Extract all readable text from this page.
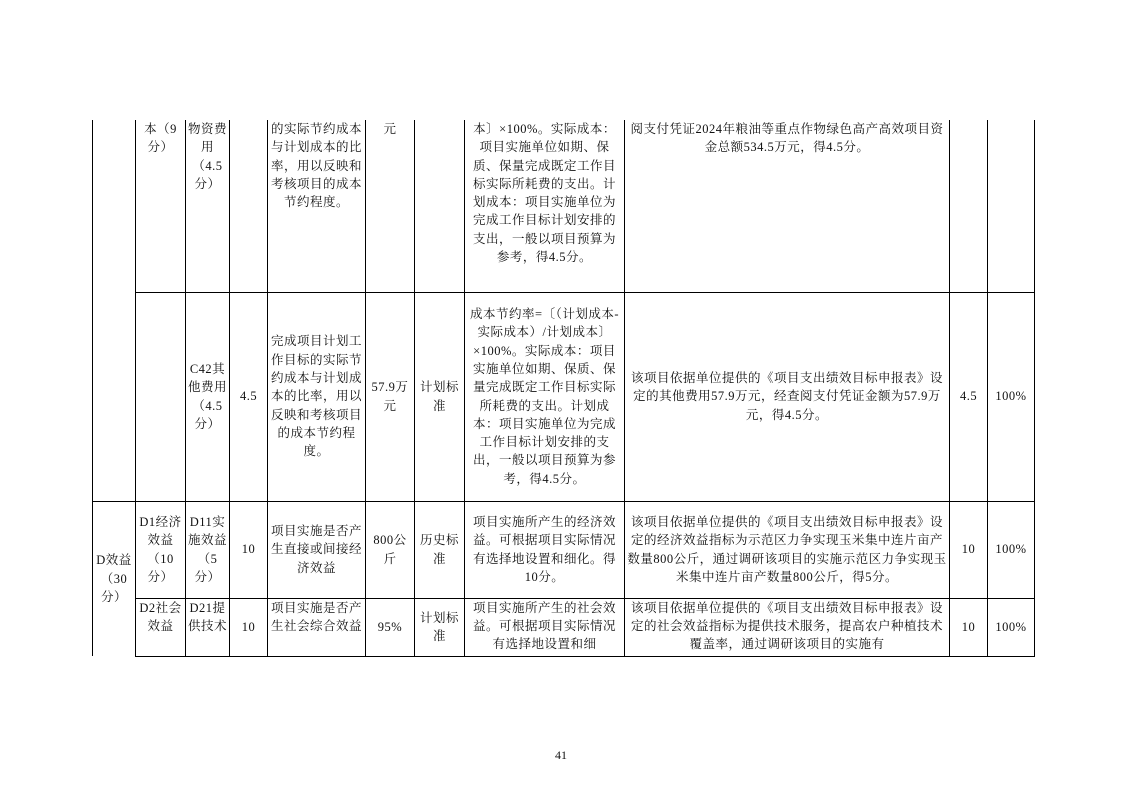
	本（9分）	物资费用（4.5分）		的实际节约成本与计划成本的比率，用以反映和考核项目的成本节约程度。	元		本〕×100%。实际成本：项目实施单位如期、保质、保量完成既定工作目标实际所耗费的支出。计划成本：项目实施单位为完成工作目标计划安排的支出，一般以项目预算为参考，得4.5分。	阅支付凭证2024年粮油等重点作物绿色高产高效项目资金总额534.5万元，得4.5分。		
		C42其他费用（4.5分）	4.5	完成项目计划工作目标的实际节约成本与计划成本的比率，用以反映和考核项目的成本节约程度。	57.9万元	计划标准	成本节约率=〔（计划成本-实际成本）/计划成本〕×100%。实际成本：项目实施单位如期、保质、保量完成既定工作目标实际所耗费的支出。计划成本：项目实施单位为完成工作目标计划安排的支出，一般以项目预算为参考，得4.5分。	该项目依据单位提供的《项目支出绩效目标申报表》设定的其他费用57.9万元，经查阅支付凭证金额为57.9万元，得4.5分。	4.5	100%
D效益（30分）	D1经济效益（10分）	D11实施效益（5分）	10	项目实施是否产生直接或间接经济效益	800公斤	历史标准	项目实施所产生的经济效益。可根据项目实际情况有选择地设置和细化。得10分。	该项目依据单位提供的《项目支出绩效目标申报表》设定的经济效益指标为示范区力争实现玉米集中连片亩产数量800公斤，通过调研该项目的实施示范区力争实现玉米集中连片亩产数量800公斤，得5分。	10	100%
	D2社会效益	D21提供技术	10	项目实施是否产生社会综合效益	95%	计划标准	项目实施所产生的社会效益。可根据项目实际情况有选择地设置和细	该项目依据单位提供的《项目支出绩效目标申报表》设定的社会效益指标为提供技术服务，提高农户种植技术覆盖率，通过调研该项目的实施有	10	100%
41
